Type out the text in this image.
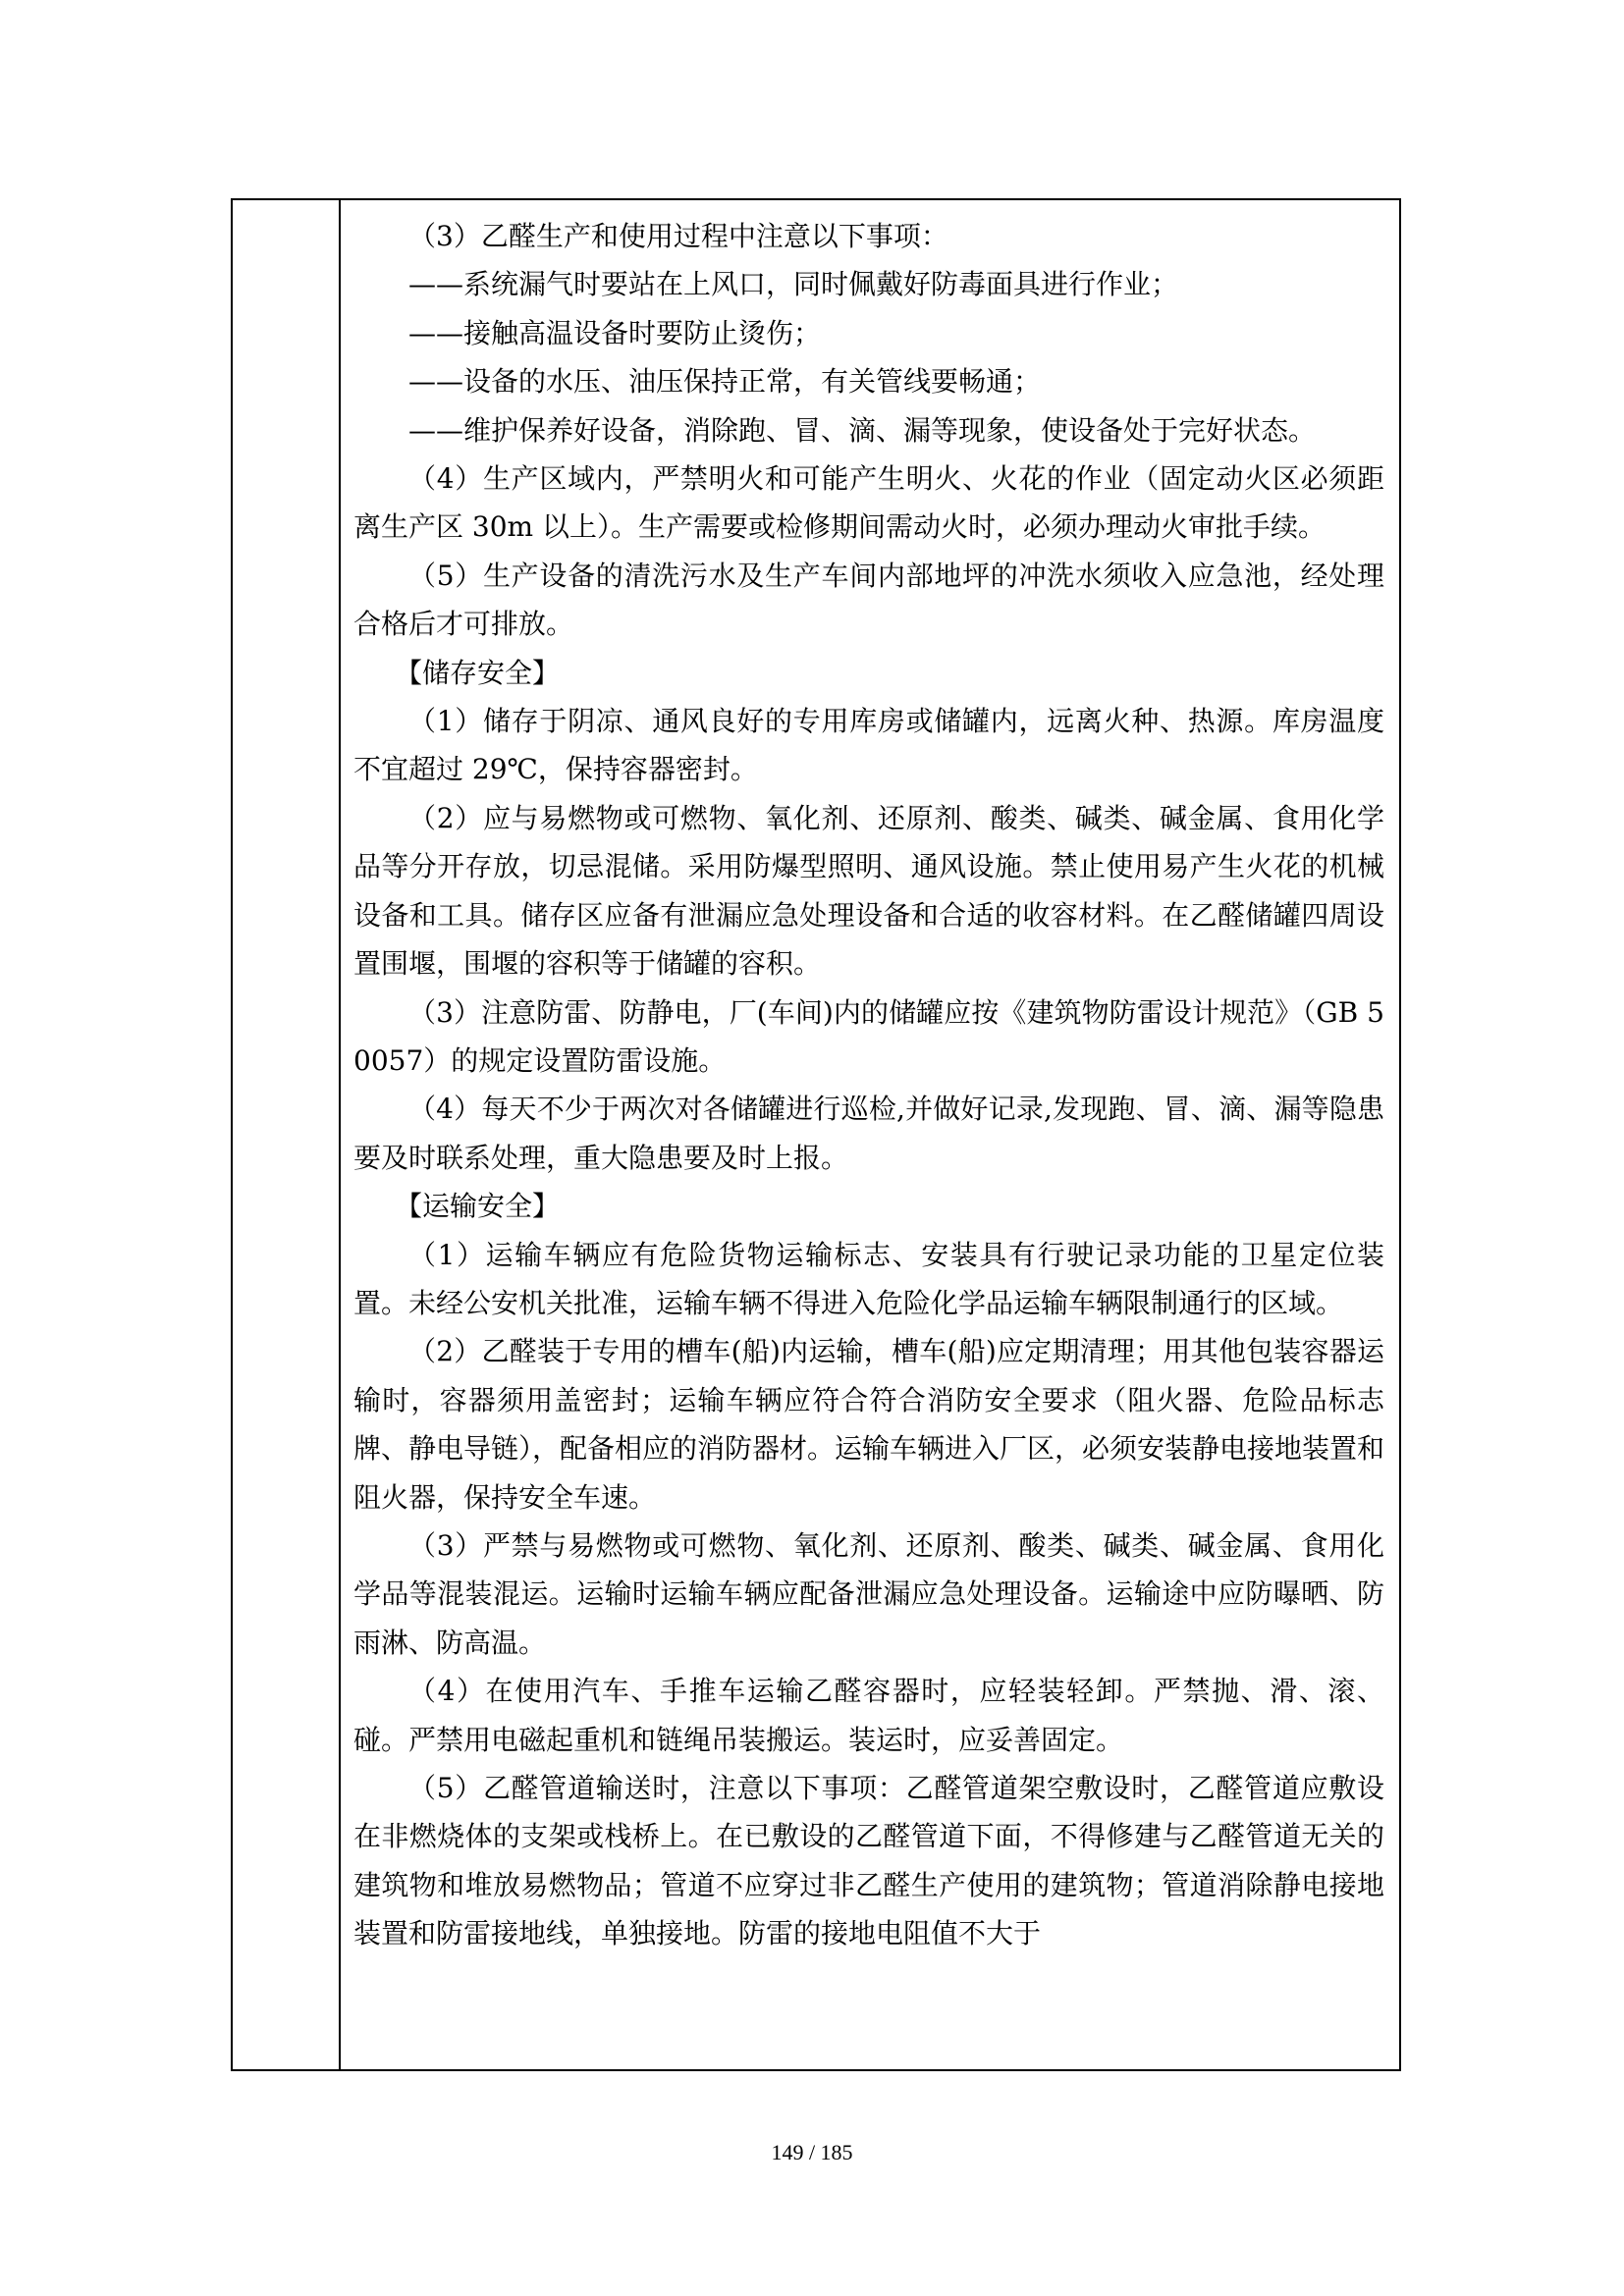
（3）乙醛生产和使用过程中注意以下事项：

——系统漏气时要站在上风口，同时佩戴好防毒面具进行作业；

——接触高温设备时要防止烫伤；

——设备的水压、油压保持正常，有关管线要畅通；

——维护保养好设备，消除跑、冒、滴、漏等现象，使设备处于完好状态。

（4）生产区域内，严禁明火和可能产生明火、火花的作业（固定动火区必须距离生产区 30m 以上）。生产需要或检修期间需动火时，必须办理动火审批手续。

（5）生产设备的清洗污水及生产车间内部地坪的冲洗水须收入应急池，经处理合格后才可排放。

【储存安全】

（1）储存于阴凉、通风良好的专用库房或储罐内，远离火种、热源。库房温度不宜超过 29℃，保持容器密封。

（2）应与易燃物或可燃物、氧化剂、还原剂、酸类、碱类、碱金属、食用化学品等分开存放，切忌混储。采用防爆型照明、通风设施。禁止使用易产生火花的机械设备和工具。储存区应备有泄漏应急处理设备和合适的收容材料。在乙醛储罐四周设置围堰，围堰的容积等于储罐的容积。

（3）注意防雷、防静电，厂(车间)内的储罐应按《建筑物防雷设计规范》（GB 50057）的规定设置防雷设施。

（4）每天不少于两次对各储罐进行巡检,并做好记录,发现跑、冒、滴、漏等隐患要及时联系处理，重大隐患要及时上报。

【运输安全】

（1）运输车辆应有危险货物运输标志、安装具有行驶记录功能的卫星定位装置。未经公安机关批准，运输车辆不得进入危险化学品运输车辆限制通行的区域。

（2）乙醛装于专用的槽车(船)内运输，槽车(船)应定期清理；用其他包装容器运输时，容器须用盖密封；运输车辆应符合符合消防安全要求（阻火器、危险品标志牌、静电导链），配备相应的消防器材。运输车辆进入厂区，必须安装静电接地装置和阻火器，保持安全车速。

（3）严禁与易燃物或可燃物、氧化剂、还原剂、酸类、碱类、碱金属、食用化学品等混装混运。运输时运输车辆应配备泄漏应急处理设备。运输途中应防曝晒、防雨淋、防高温。

（4）在使用汽车、手推车运输乙醛容器时，应轻装轻卸。严禁抛、滑、滚、碰。严禁用电磁起重机和链绳吊装搬运。装运时，应妥善固定。

（5）乙醛管道输送时，注意以下事项：乙醛管道架空敷设时，乙醛管道应敷设在非燃烧体的支架或栈桥上。在已敷设的乙醛管道下面，不得修建与乙醛管道无关的建筑物和堆放易燃物品；管道不应穿过非乙醛生产使用的建筑物；管道消除静电接地装置和防雷接地线，单独接地。防雷的接地电阻值不大于

149 / 185
